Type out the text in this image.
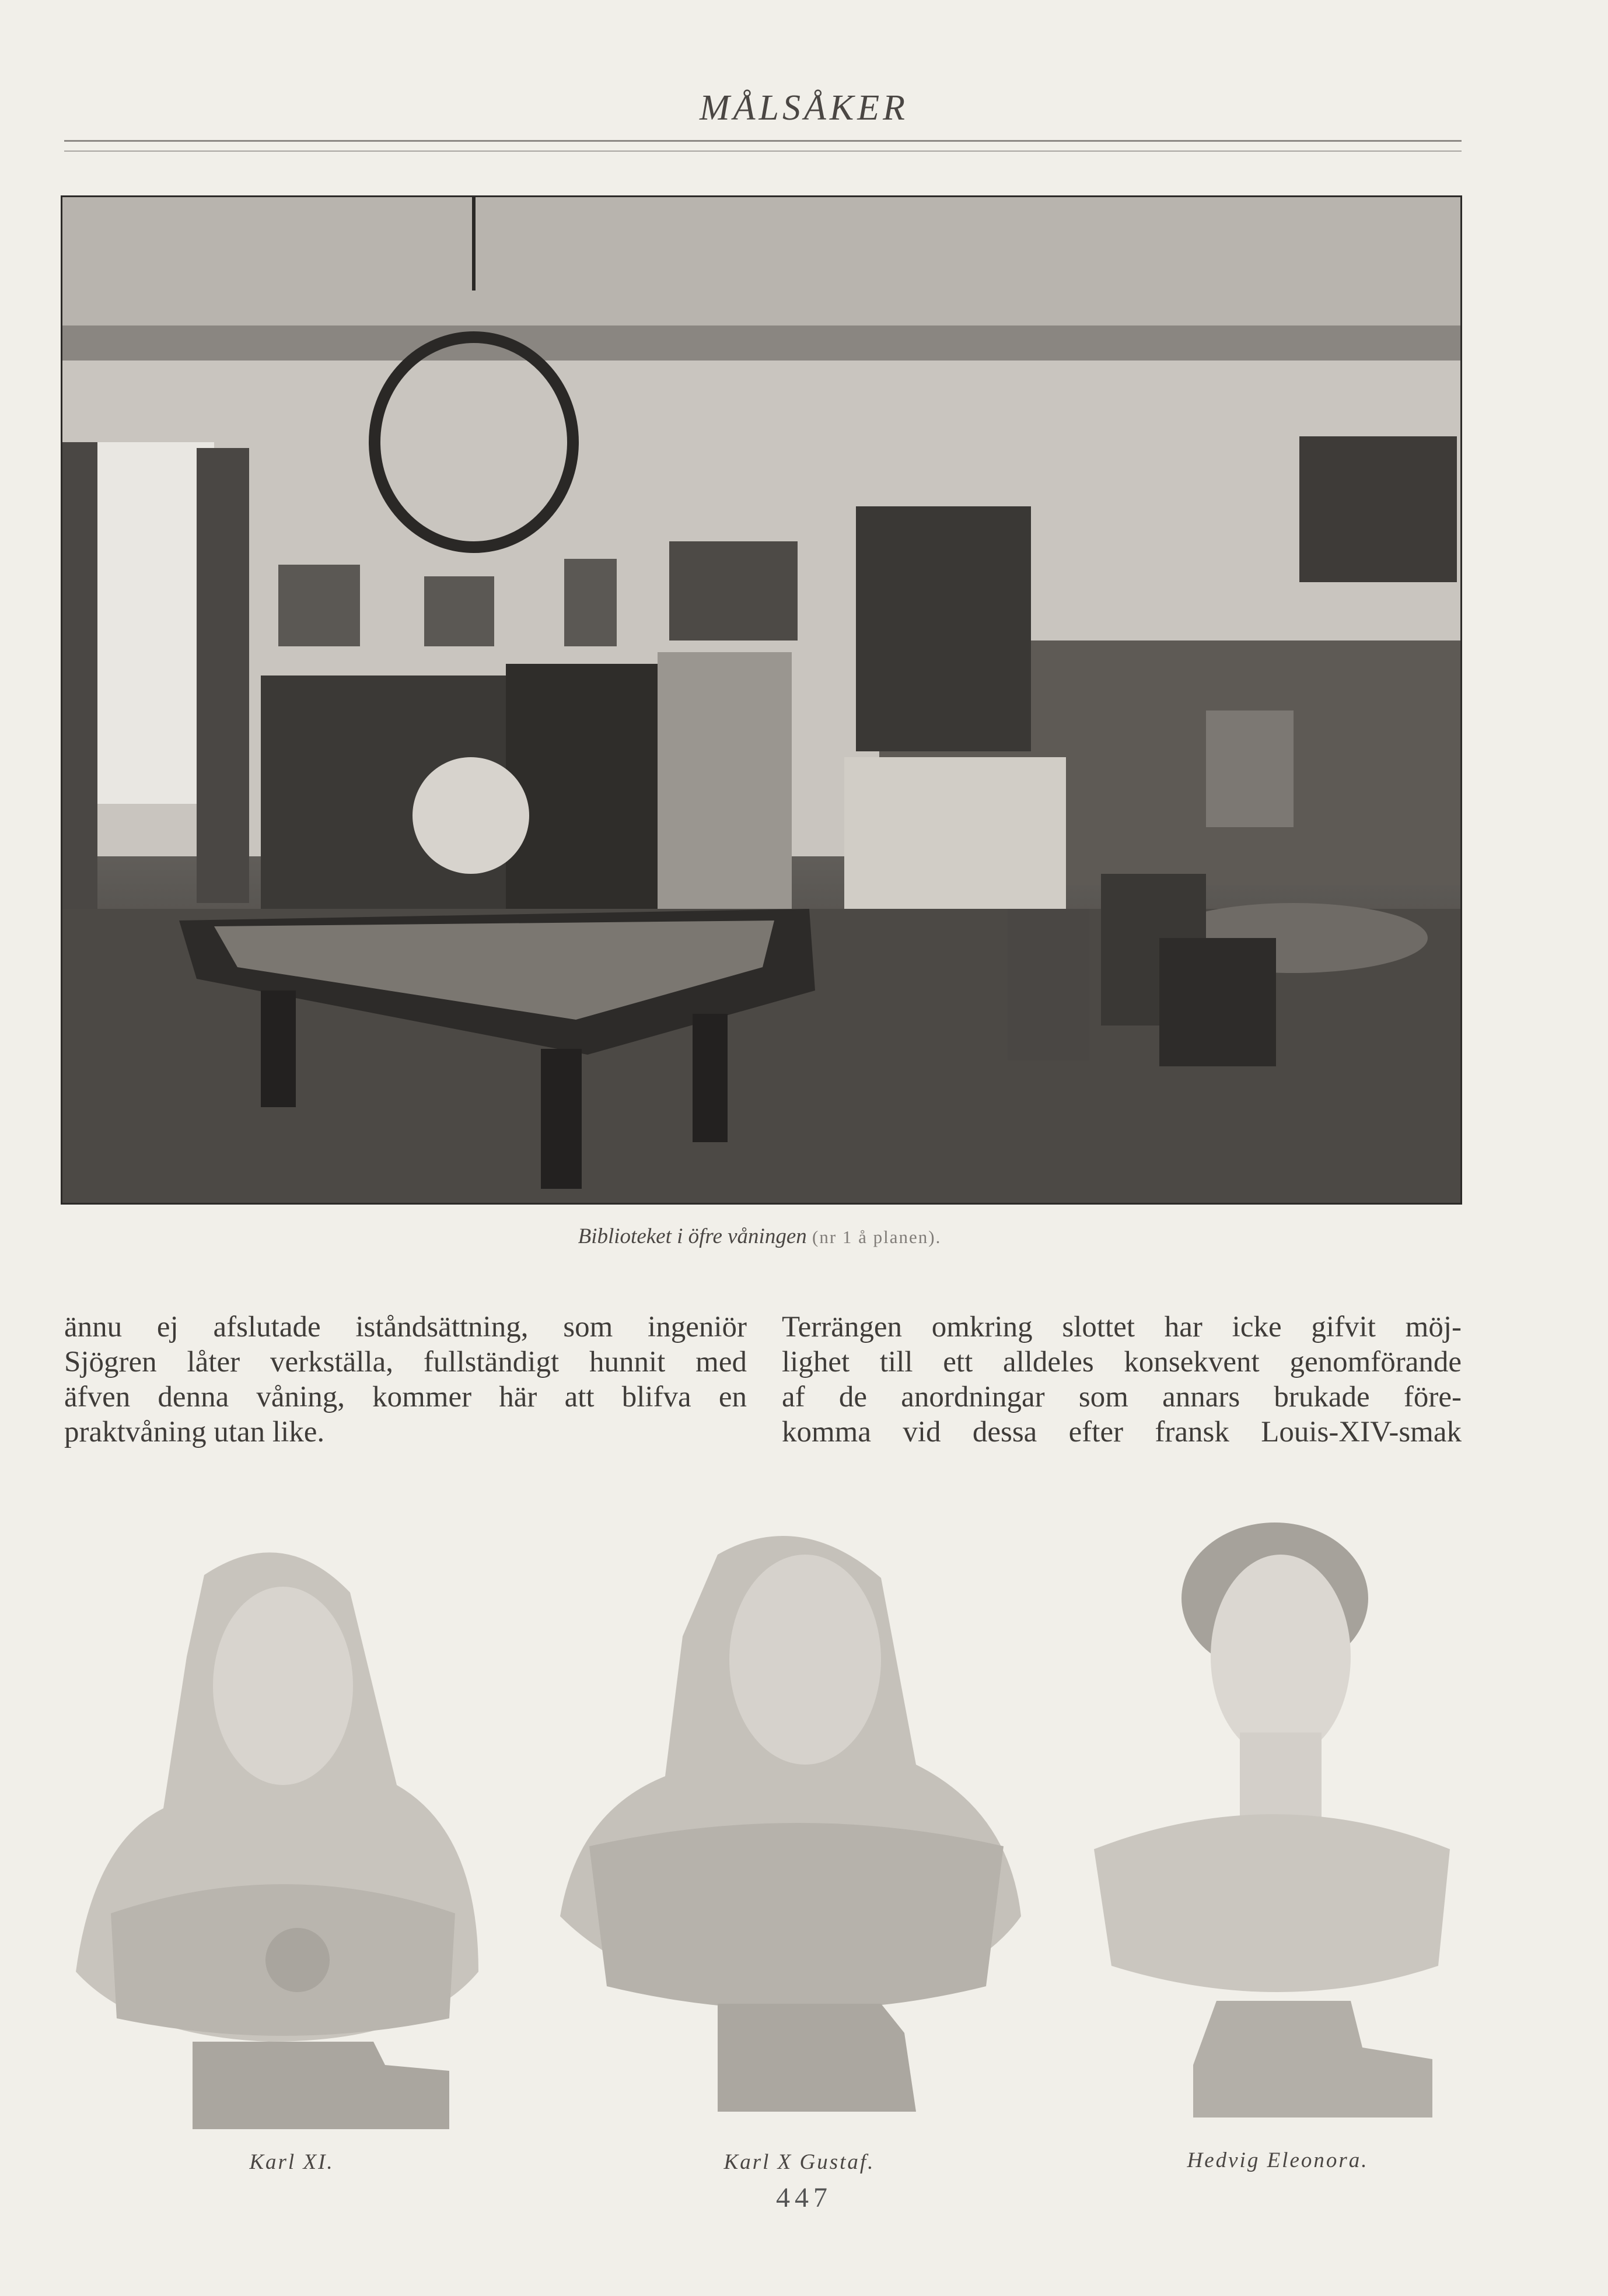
MÅLSÅKER
Biblioteket i öfre våningen (nr 1 å planen).
ännu ej afslutade iståndsättning, som ingeniör
Sjögren låter verkställa, fullständigt hunnit med
äfven denna våning, kommer här att blifva en
praktvåning utan like.
Terrängen omkring slottet har icke gifvit möj-
lighet till ett alldeles konsekvent genomförande
af de anordningar som annars brukade före-
komma vid dessa efter fransk Louis-XIV-smak
Karl XI.	Karl X Gustaf.	Hedvig Eleonora.
447
